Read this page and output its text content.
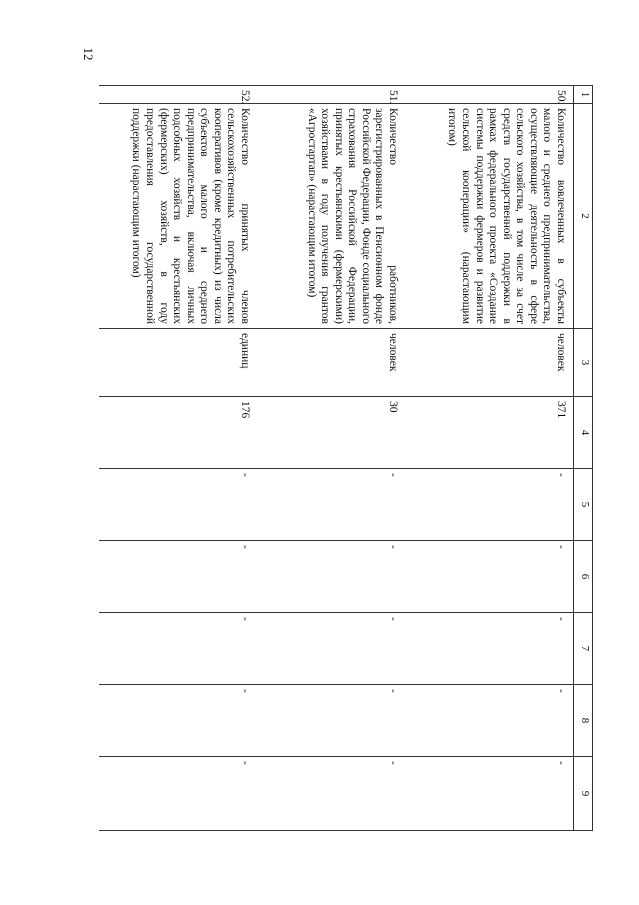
12
1	2	3	4	5	6	7	8	9
50.	Количество вовлеченных в субъекты малого и среднего предпринимательства, осуществляющие деятельность в сфере сельского хозяйства, в том числе за счет средств государственной поддержки в рамках федерального проекта «Создание системы поддержки фермеров и развитие сельской кооперации» (нарастающим итогом)	человек	371	-	-	-	-	-
51.	Количество работников, зарегистрированных в Пенсионном фонде Российской Федерации, Фонде социального страхования Российской Федерации, принятых крестьянскими (фермерскими) хозяйствами в году получения грантов «Агростартап» (нарастающим итогом)	человек	30	-	-	-	-	-
52.	Количество принятых членов сельскохозяйственных потребительских кооперативов (кроме кредитных) из числа субъектов малого и среднего предпринимательства, включая личных подсобных хозяйств и крестьянских (фермерских) хозяйств, в году предоставления государственной поддержки (нарастающим итогом)	единиц	176	-	-	-	-	-
